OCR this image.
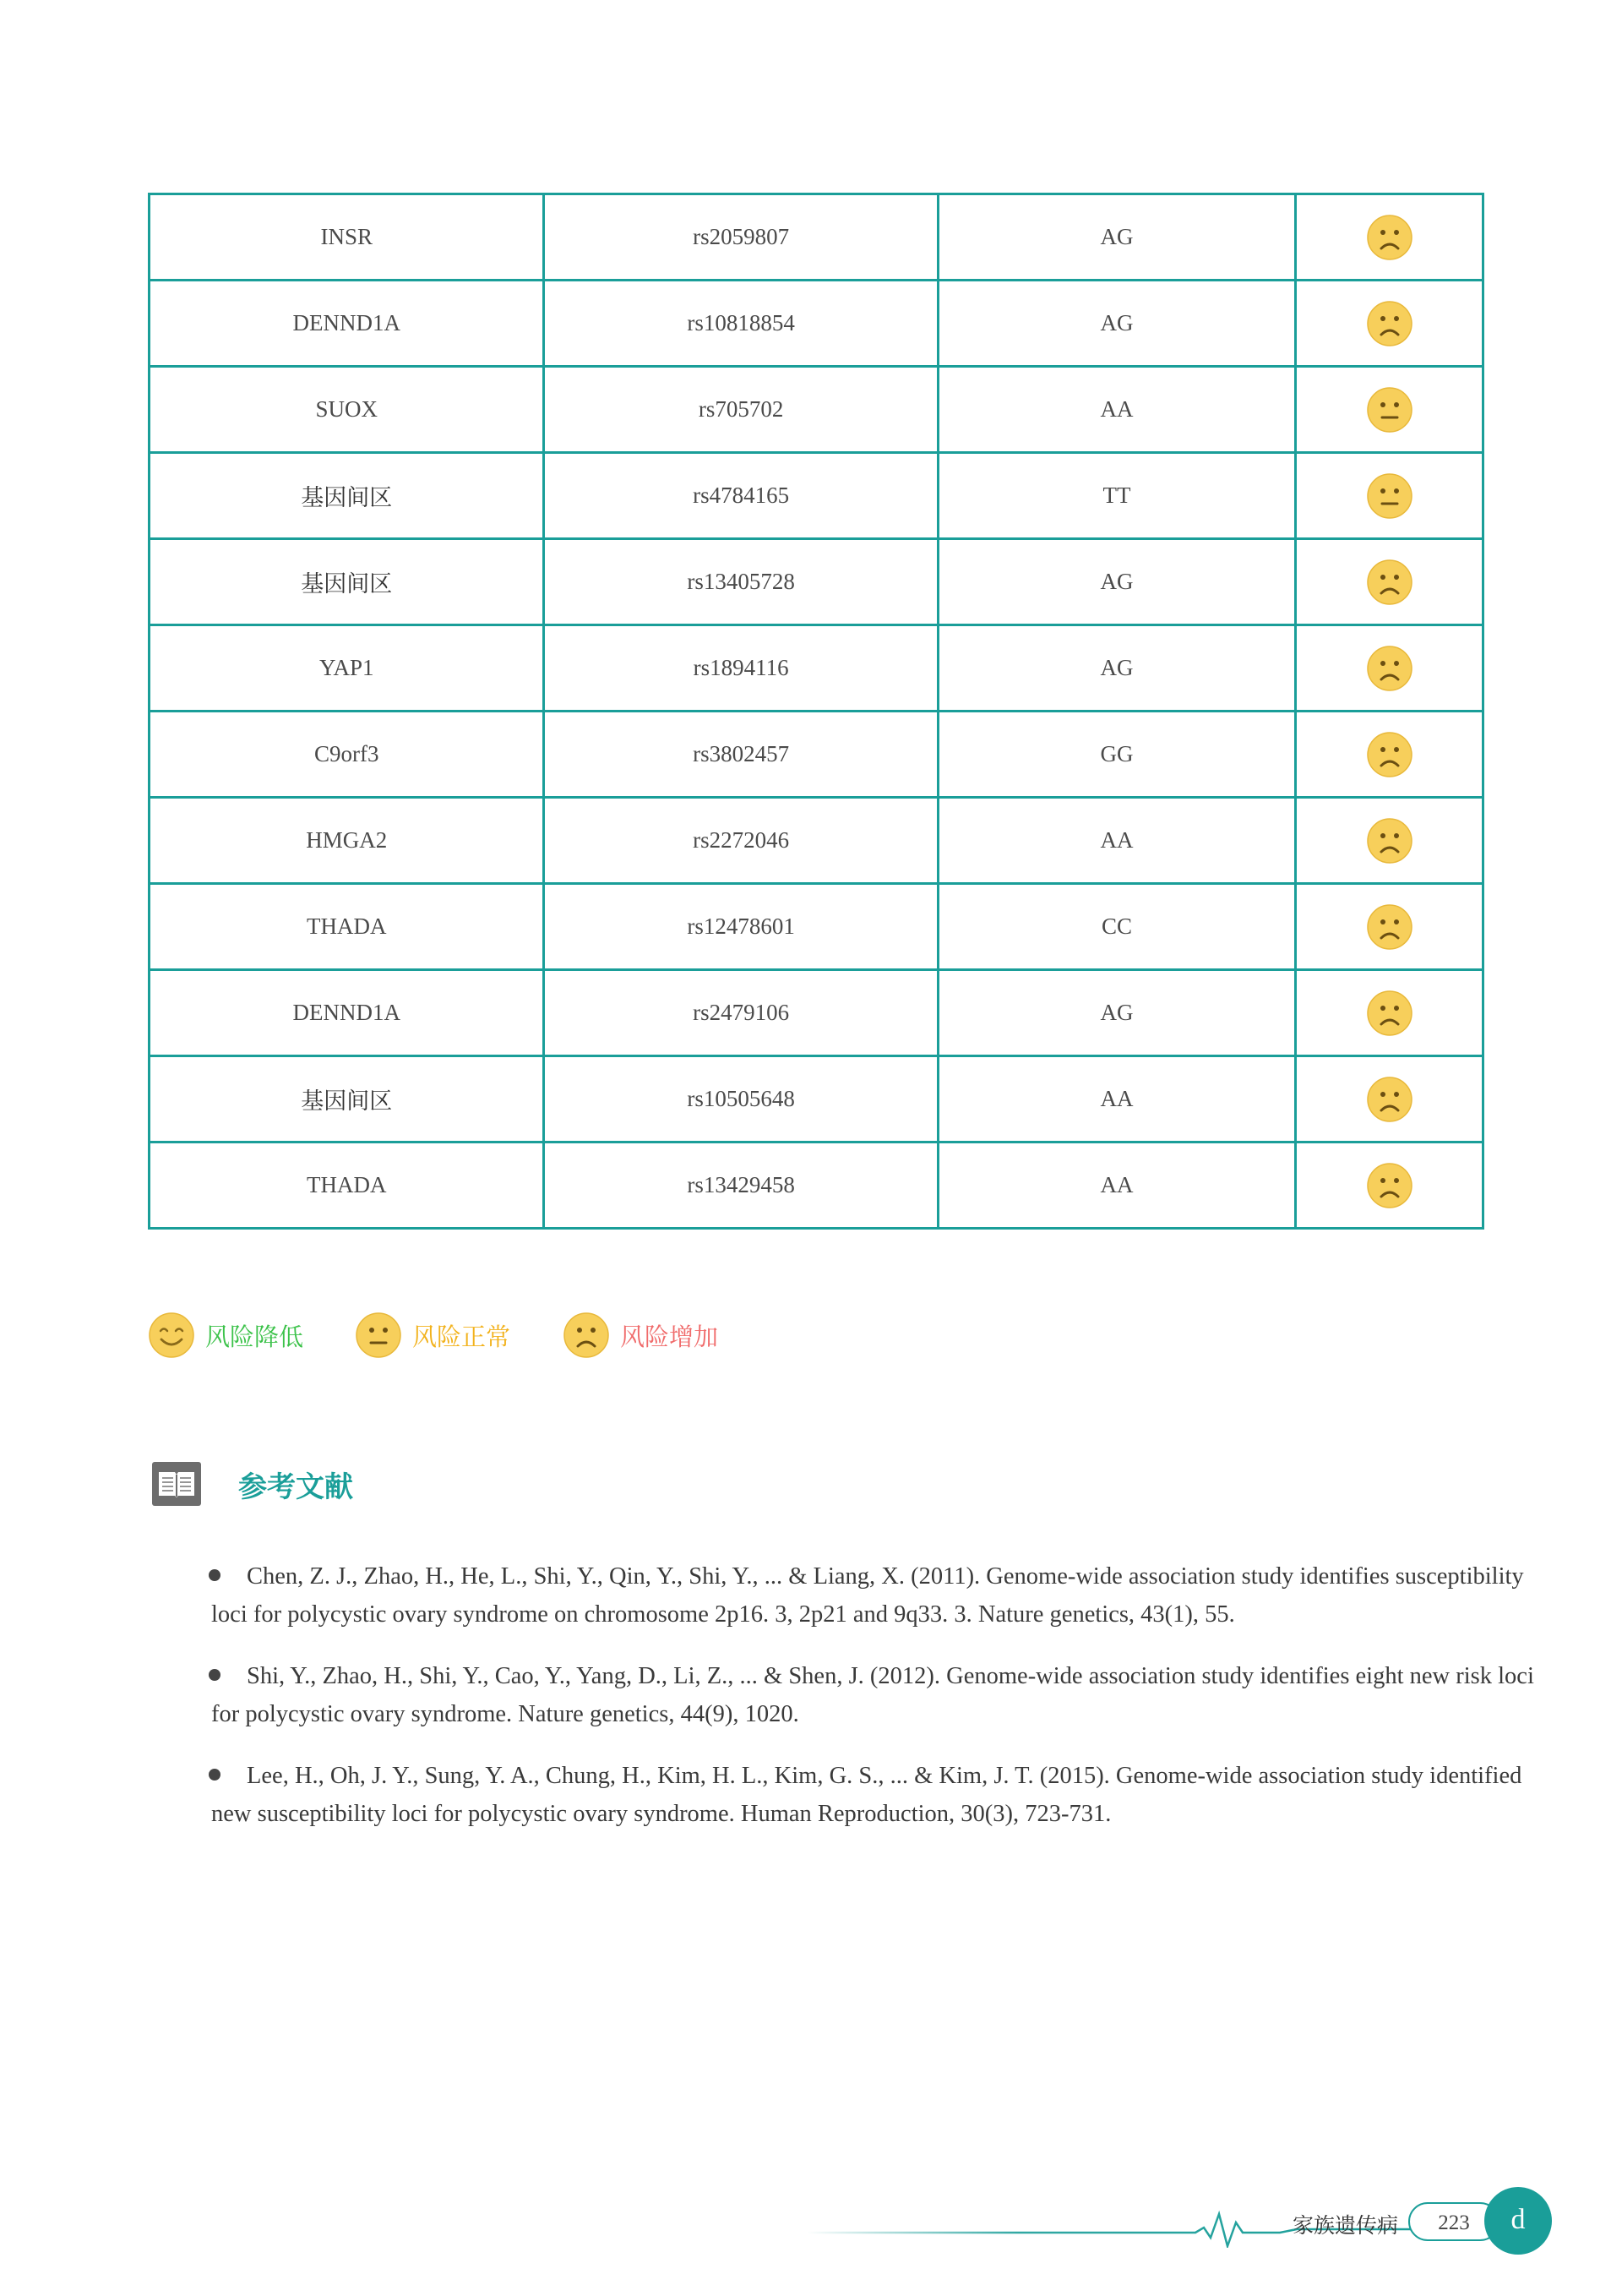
INSR	rs2059807	AG	
DENND1A	rs10818854	AG	
SUOX	rs705702	AA	
基因间区	rs4784165	TT	
基因间区	rs13405728	AG	
YAP1	rs1894116	AG	
C9orf3	rs3802457	GG	
HMGA2	rs2272046	AA	
THADA	rs12478601	CC	
DENND1A	rs2479106	AG	
基因间区	rs10505648	AA	
THADA	rs13429458	AA	
风险降低	风险正常	风险增加
参考文献
Chen, Z. J., Zhao, H., He, L., Shi, Y., Qin, Y., Shi, Y., ... & Liang, X. (2011). Genome-wide association study identifies susceptibility loci for polycystic ovary syndrome on chromosome 2p16. 3, 2p21 and 9q33. 3. Nature genetics, 43(1), 55.
Shi, Y., Zhao, H., Shi, Y., Cao, Y., Yang, D., Li, Z., ... & Shen, J. (2012). Genome-wide association study identifies eight new risk loci for polycystic ovary syndrome. Nature genetics, 44(9), 1020.
Lee, H., Oh, J. Y., Sung, Y. A., Chung, H., Kim, H. L., Kim, G. S., ... & Kim, J. T. (2015). Genome-wide association study identified new susceptibility loci for polycystic ovary syndrome. Human Reproduction, 30(3), 723-731.
家族遗传病	223	d
